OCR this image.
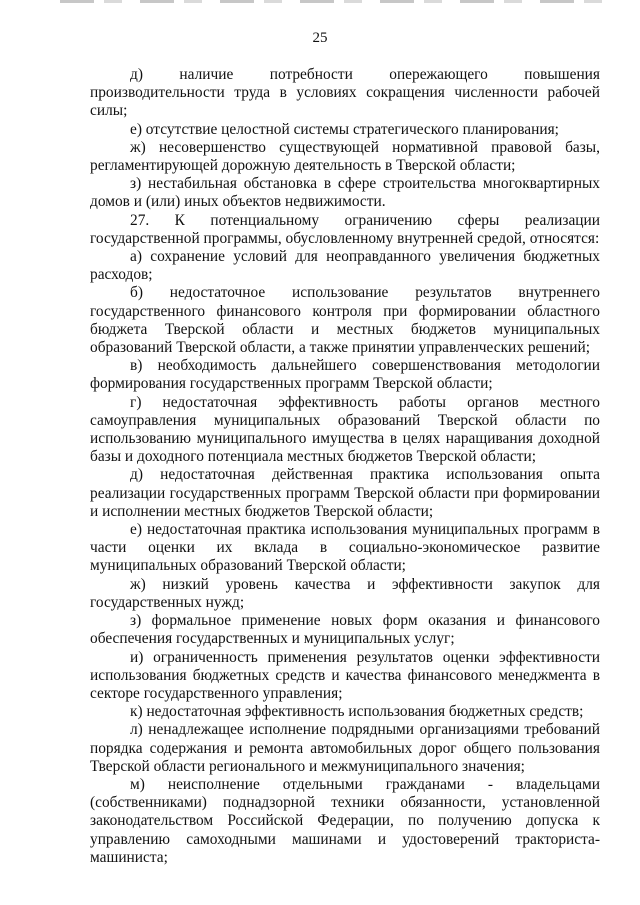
25

д) наличие потребности опережающего повышения производительности труда в условиях сокращения численности рабочей силы;

е) отсутствие целостной системы стратегического планирования;

ж) несовершенство существующей нормативной правовой базы, регламентирующей дорожную деятельность в Тверской области;

з) нестабильная обстановка в сфере строительства многоквартирных домов и (или) иных объектов недвижимости.

27. К потенциальному ограничению сферы реализации государственной программы, обусловленному внутренней средой, относятся:

а) сохранение условий для неоправданного увеличения бюджетных расходов;

б) недостаточное использование результатов внутреннего государственного финансового контроля при формировании областного бюджета Тверской области и местных бюджетов муниципальных образований Тверской области, а также принятии управленческих решений;

в) необходимость дальнейшего совершенствования методологии формирования государственных программ Тверской области;

г) недостаточная эффективность работы органов местного самоуправления муниципальных образований Тверской области по использованию муниципального имущества в целях наращивания доходной базы и доходного потенциала местных бюджетов Тверской области;

д) недостаточная действенная практика использования опыта реализации государственных программ Тверской области при формировании и исполнении местных бюджетов Тверской области;

е) недостаточная практика использования муниципальных программ в части оценки их вклада в социально-экономическое развитие муниципальных образований Тверской области;

ж) низкий уровень качества и эффективности закупок для государственных нужд;

з) формальное применение новых форм оказания и финансового обеспечения государственных и муниципальных услуг;

и) ограниченность применения результатов оценки эффективности использования бюджетных средств и качества финансового менеджмента в секторе государственного управления;

к) недостаточная эффективность использования бюджетных средств;

л) ненадлежащее исполнение подрядными организациями требований порядка содержания и ремонта автомобильных дорог общего пользования Тверской области регионального и межмуниципального значения;

м) неисполнение отдельными гражданами - владельцами (собственниками) поднадзорной техники обязанности, установленной законодательством Российской Федерации, по получению допуска к управлению самоходными машинами и удостоверений тракториста-машиниста;
